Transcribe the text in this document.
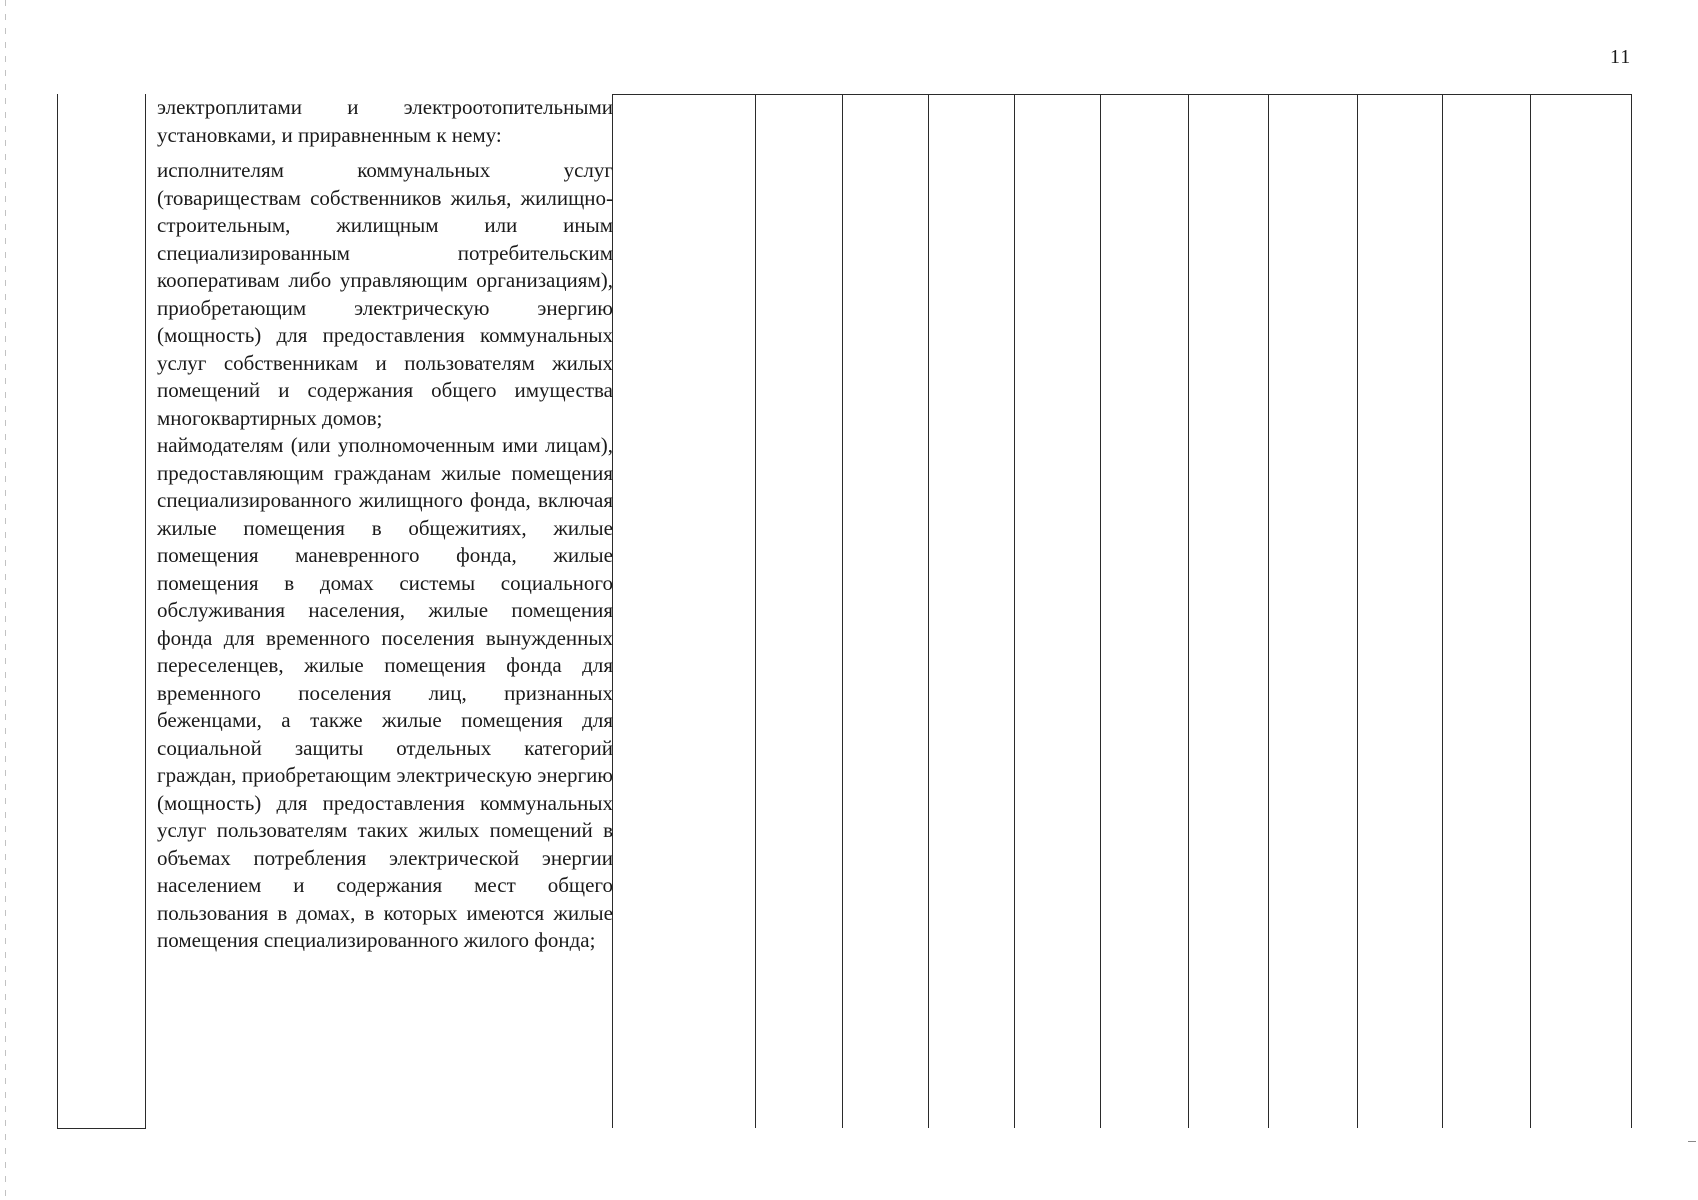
11

электроплитами и электроотопительными установками, и приравненным к нему:

исполнителям коммунальных услуг (товариществам собственников жилья, жилищно-строительным, жилищным или иным специализированным потребительским кооперативам либо управляющим организациям), приобретающим электрическую энергию (мощность) для предоставления коммунальных услуг собственникам и пользователям жилых помещений и содержания общего имущества многоквартирных домов;

наймодателям (или уполномоченным ими лицам), предоставляющим гражданам жилые помещения специализированного жилищного фонда, включая жилые помещения в общежитиях, жилые помещения маневренного фонда, жилые помещения в домах системы социального обслуживания населения, жилые помещения фонда для временного поселения вынужденных переселенцев, жилые помещения фонда для временного поселения лиц, признанных беженцами, а также жилые помещения для социальной защиты отдельных категорий граждан, приобретающим электрическую энергию (мощность) для предоставления коммунальных услуг пользователям таких жилых помещений в объемах потребления электрической энергии населением и содержания мест общего пользования в домах, в которых имеются жилые помещения специализированного жилого фонда;
